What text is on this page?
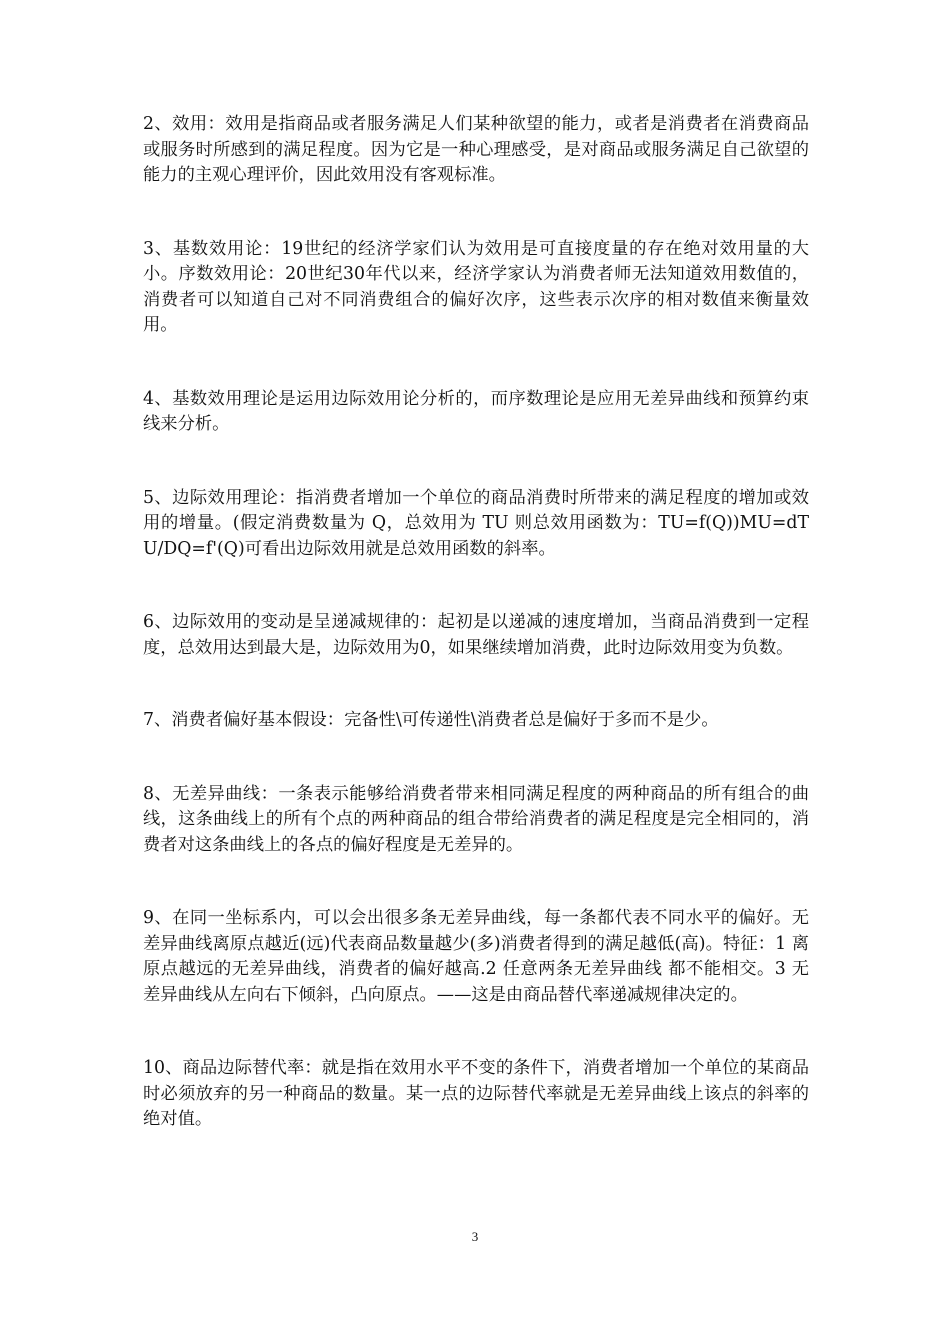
2、效用：效用是指商品或者服务满足人们某种欲望的能力，或者是消费者在消费商品或服务时所感到的满足程度。因为它是一种心理感受，是对商品或服务满足自己欲望的能力的主观心理评价，因此效用没有客观标准。

3、基数效用论：19世纪的经济学家们认为效用是可直接度量的存在绝对效用量的大小。序数效用论：20世纪30年代以来，经济学家认为消费者师无法知道效用数值的，消费者可以知道自己对不同消费组合的偏好次序，这些表示次序的相对数值来衡量效用。

4、基数效用理论是运用边际效用论分析的，而序数理论是应用无差异曲线和预算约束线来分析。

5、边际效用理论：指消费者增加一个单位的商品消费时所带来的满足程度的增加或效用的增量。(假定消费数量为 Q，总效用为 TU 则总效用函数为：TU=f(Q))MU=dTU/DQ=f'(Q)可看出边际效用就是总效用函数的斜率。

6、边际效用的变动是呈递减规律的：起初是以递减的速度增加，当商品消费到一定程度，总效用达到最大是，边际效用为0，如果继续增加消费，此时边际效用变为负数。

7、消费者偏好基本假设：完备性\可传递性\消费者总是偏好于多而不是少。

8、无差异曲线：一条表示能够给消费者带来相同满足程度的两种商品的所有组合的曲线，这条曲线上的所有个点的两种商品的组合带给消费者的满足程度是完全相同的，消费者对这条曲线上的各点的偏好程度是无差异的。

9、在同一坐标系内，可以会出很多条无差异曲线，每一条都代表不同水平的偏好。无差异曲线离原点越近(远)代表商品数量越少(多)消费者得到的满足越低(高)。特征：1 离原点越远的无差异曲线，消费者的偏好越高.2 任意两条无差异曲线 都不能相交。3 无差异曲线从左向右下倾斜，凸向原点。——这是由商品替代率递减规律决定的。

10、商品边际替代率：就是指在效用水平不变的条件下，消费者增加一个单位的某商品时必须放弃的另一种商品的数量。某一点的边际替代率就是无差异曲线上该点的斜率的绝对值。

3
